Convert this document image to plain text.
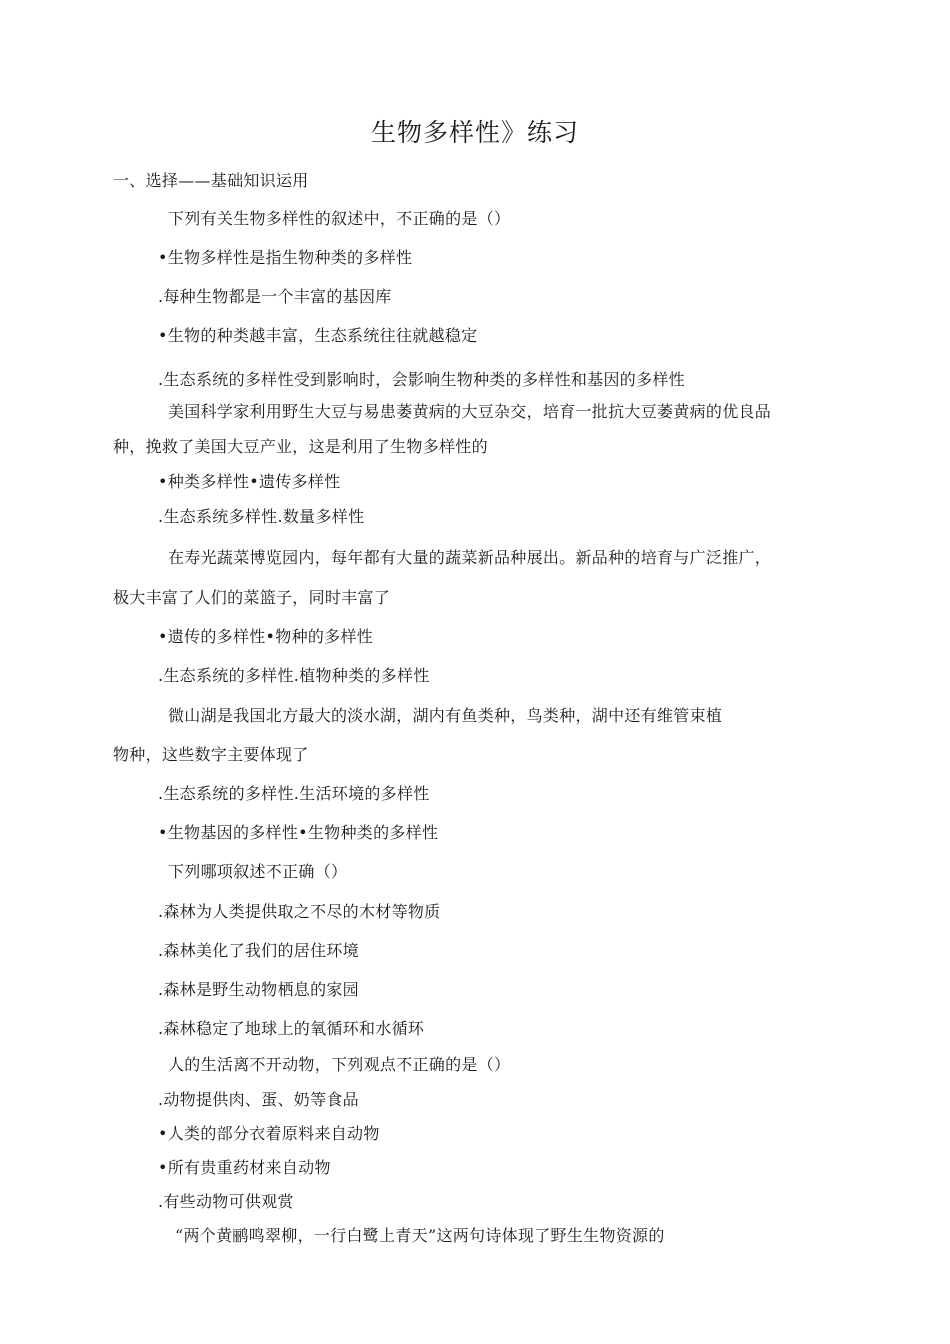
生物多样性》练习
一、选择——基础知识运用
下列有关生物多样性的叙述中，不正确的是（）
•生物多样性是指生物种类的多样性
.每种生物都是一个丰富的基因库
•生物的种类越丰富，生态系统往往就越稳定
.生态系统的多样性受到影响时，会影响生物种类的多样性和基因的多样性
美国科学家利用野生大豆与易患萎黄病的大豆杂交，培育一批抗大豆萎黄病的优良品
种，挽救了美国大豆产业，这是利用了生物多样性的
•种类多样性•遗传多样性
.生态系统多样性.数量多样性
在寿光蔬菜博览园内，每年都有大量的蔬菜新品种展出。新品种的培育与广泛推广，
极大丰富了人们的菜篮子，同时丰富了
•遗传的多样性•物种的多样性
.生态系统的多样性.植物种类的多样性
微山湖是我国北方最大的淡水湖，湖内有鱼类种，鸟类种，湖中还有维管束植
物种，这些数字主要体现了
.生态系统的多样性.生活环境的多样性
•生物基因的多样性•生物种类的多样性
下列哪项叙述不正确（）
.森林为人类提供取之不尽的木材等物质
.森林美化了我们的居住环境
.森林是野生动物栖息的家园
.森林稳定了地球上的氧循环和水循环
人的生活离不开动物，下列观点不正确的是（）
.动物提供肉、蛋、奶等食品
•人类的部分衣着原料来自动物
•所有贵重药材来自动物
.有些动物可供观赏
“两个黄鹂鸣翠柳，一行白鹭上青天”这两句诗体现了野生生物资源的
